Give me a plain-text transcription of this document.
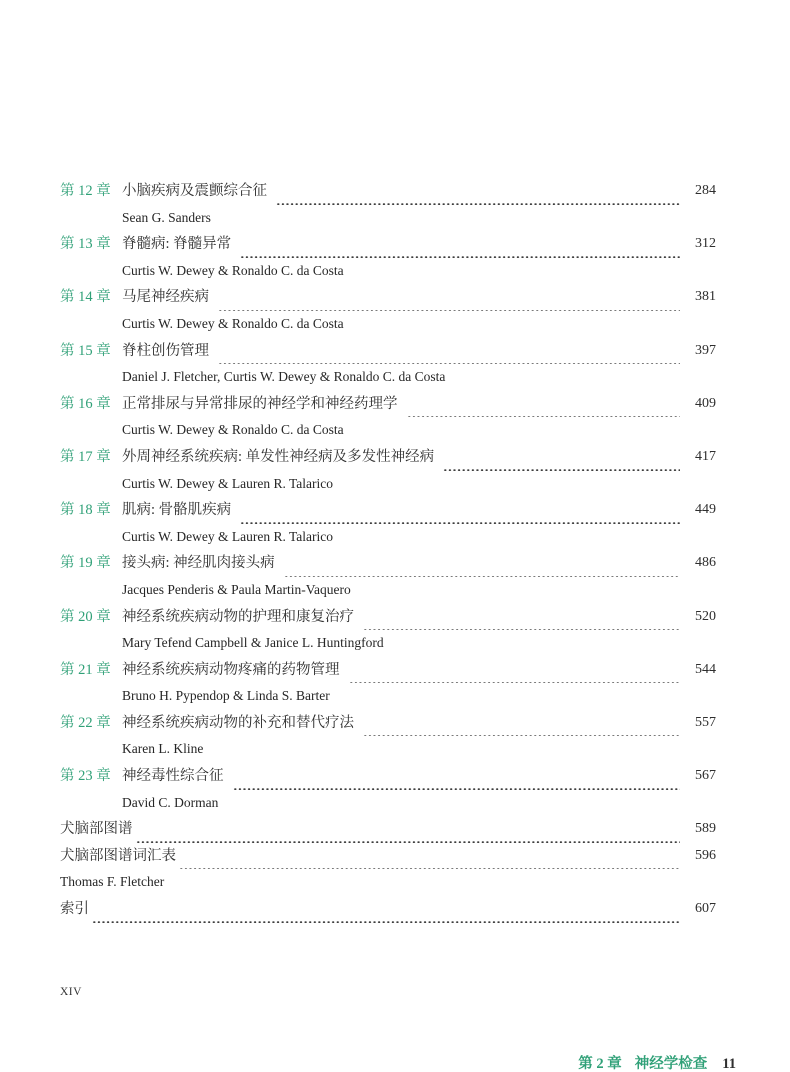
第 12 章 小脑疾病及震颤综合征	284
Sean G. Sanders
第 13 章 脊髓病: 脊髓异常	312
Curtis W. Dewey & Ronaldo C. da Costa
第 14 章 马尾神经疾病	381
Curtis W. Dewey & Ronaldo C. da Costa
第 15 章 脊柱创伤管理	397
Daniel J. Fletcher, Curtis W. Dewey & Ronaldo C. da Costa
第 16 章 正常排尿与异常排尿的神经学和神经药理学	409
Curtis W. Dewey & Ronaldo C. da Costa
第 17 章 外周神经系统疾病: 单发性神经病及多发性神经病	417
Curtis W. Dewey & Lauren R. Talarico
第 18 章 肌病: 骨骼肌疾病	449
Curtis W. Dewey & Lauren R. Talarico
第 19 章 接头病: 神经肌肉接头病	486
Jacques Penderis & Paula Martin-Vaquero
第 20 章 神经系统疾病动物的护理和康复治疗	520
Mary Tefend Campbell & Janice L. Huntingford
第 21 章 神经系统疾病动物疼痛的药物管理	544
Bruno H. Pypendop & Linda S. Barter
第 22 章 神经系统疾病动物的补充和替代疗法	557
Karen L. Kline
第 23 章 神经毒性综合征	567
David C. Dorman
犬脑部图谱	589
犬脑部图谱词汇表	596
Thomas F. Fletcher
索引	607
XIV
第 2 章 神经学检查 11
